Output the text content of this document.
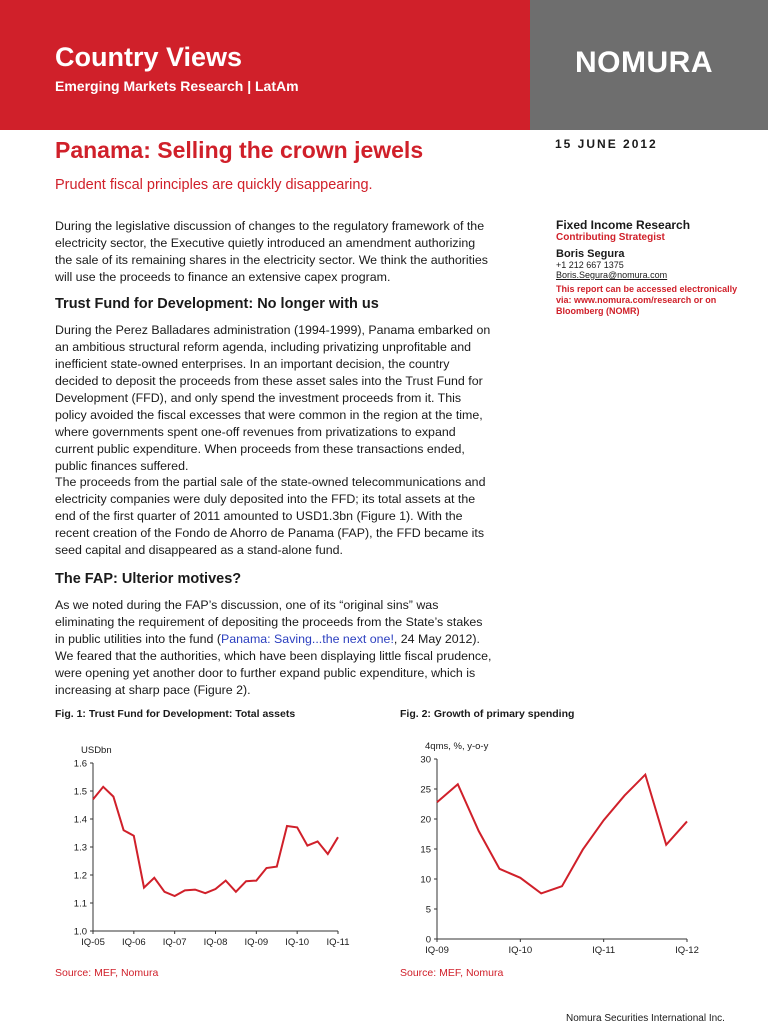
Country Views
Emerging Markets Research | LatAm
NOMURA
Panama: Selling the crown jewels	15 JUNE 2012
Prudent fiscal principles are quickly disappearing.

During the legislative discussion of changes to the regulatory framework of the electricity sector, the Executive quietly introduced an amendment authorizing the sale of its remaining shares in the electricity sector. We think the authorities will use the proceeds to finance an extensive capex program.

Trust Fund for Development: No longer with us

During the Perez Balladares administration (1994-1999), Panama embarked on an ambitious structural reform agenda, including privatizing unprofitable and inefficient state-owned enterprises. In an important decision, the country decided to deposit the proceeds from these asset sales into the Trust Fund for Development (FFD), and only spend the investment proceeds from it. This policy avoided the fiscal excesses that were common in the region at the time, where governments spent one-off revenues from privatizations to expand current public expenditure. When proceeds from these transactions ended, public finances suffered.

The proceeds from the partial sale of the state-owned telecommunications and electricity companies were duly deposited into the FFD; its total assets at the end of the first quarter of 2011 amounted to USD1.3bn (Figure 1). With the recent creation of the Fondo de Ahorro de Panama (FAP), the FFD became its seed capital and disappeared as a stand-alone fund.

The FAP: Ulterior motives?

As we noted during the FAP’s discussion, one of its “original sins” was eliminating the requirement of depositing the proceeds from the State’s stakes in public utilities into the fund (Panama: Saving...the next one!, 24 May 2012). We feared that the authorities, which have been displaying little fiscal prudence, were opening yet another door to further expand public expenditure, which is increasing at sharp pace (Figure 2).

Fixed Income Research
Contributing Strategist
Boris Segura
+1 212 667 1375
Boris.Segura@nomura.com
This report can be accessed electronically via: www.nomura.com/research or on Bloomberg (NOMR)
Fig. 1: Trust Fund for Development: Total assets	Fig. 2: Growth of primary spending
USDbn
1.6
1.5
1.4
1.3
1.2
1.1
1.0
IQ-05 IQ-06 IQ-07 IQ-08 IQ-09 IQ-10 IQ-11
4qms, %, y-o-y
30
25
20
15
10
5
0
IQ-09	IQ-10	IQ-11	IQ-12
Source: MEF, Nomura	Source: MEF, Nomura
Nomura Securities International Inc.
